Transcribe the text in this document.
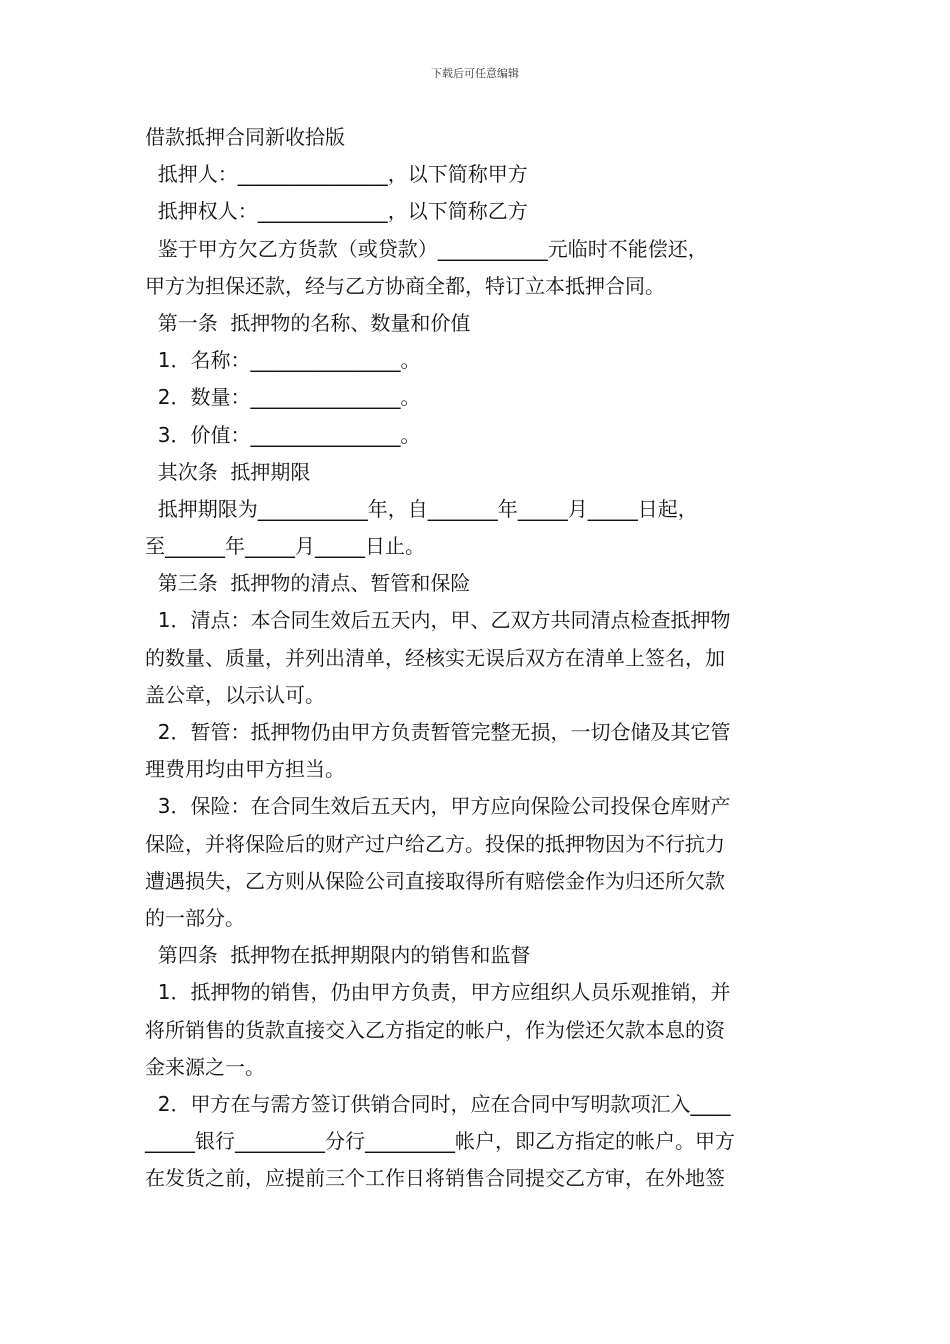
下载后可任意编辑
借款抵押合同新收拾版
抵押人：_______________，以下简称甲方
抵押权人：_____________，以下简称乙方
鉴于甲方欠乙方货款（或贷款）___________元临时不能偿还，
甲方为担保还款，经与乙方协商全都，特订立本抵押合同。
第一条  抵押物的名称、数量和价值
1．名称：_______________。
2．数量：_______________。
3．价值：_______________。
其次条  抵押期限
抵押期限为___________年，自_______年_____月_____日起，
至______年_____月_____日止。
第三条  抵押物的清点、暂管和保险
1．清点：本合同生效后五天内，甲、乙双方共同清点检查抵押物
的数量、质量，并列出清单，经核实无误后双方在清单上签名，加
盖公章，以示认可。
2．暂管：抵押物仍由甲方负责暂管完整无损，一切仓储及其它管
理费用均由甲方担当。
3．保险：在合同生效后五天内，甲方应向保险公司投保仓库财产
保险，并将保险后的财产过户给乙方。投保的抵押物因为不行抗力
遭遇损失，乙方则从保险公司直接取得所有赔偿金作为归还所欠款
的一部分。
第四条  抵押物在抵押期限内的销售和监督
1．抵押物的销售，仍由甲方负责，甲方应组织人员乐观推销，并
将所销售的货款直接交入乙方指定的帐户，作为偿还欠款本息的资
金来源之一。
2．甲方在与需方签订供销合同时，应在合同中写明款项汇入____
_____银行_________分行_________帐户，即乙方指定的帐户。甲方
在发货之前，应提前三个工作日将销售合同提交乙方审，在外地签
